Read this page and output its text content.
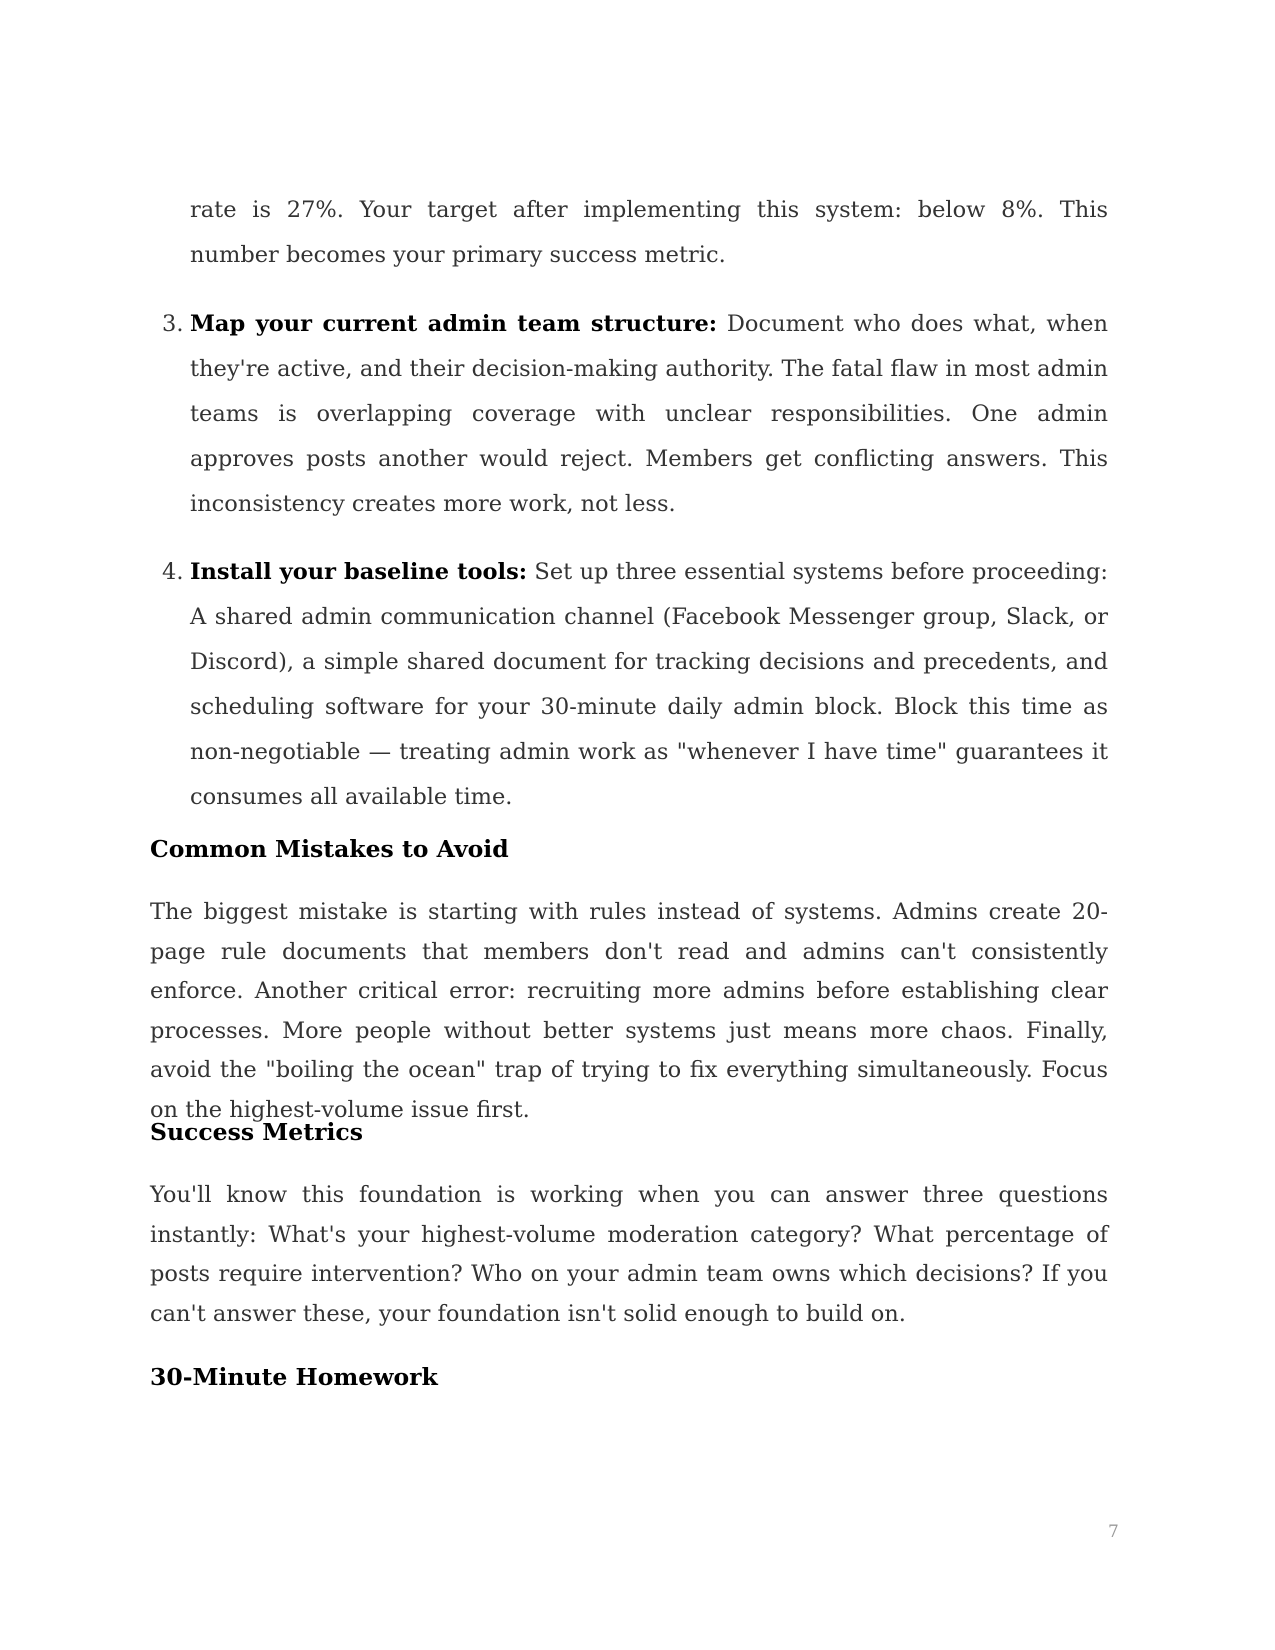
rate is 27%. Your target after implementing this system: below 8%. This number becomes your primary success metric.

3. Map your current admin team structure: Document who does what, when they're active, and their decision-making authority. The fatal flaw in most admin teams is overlapping coverage with unclear responsibilities. One admin approves posts another would reject. Members get conflicting answers. This inconsistency creates more work, not less.
4. Install your baseline tools: Set up three essential systems before proceeding: A shared admin communication channel (Facebook Messenger group, Slack, or Discord), a simple shared document for tracking decisions and precedents, and scheduling software for your 30-minute daily admin block. Block this time as non-negotiable — treating admin work as "whenever I have time" guarantees it consumes all available time.
Common Mistakes to Avoid

The biggest mistake is starting with rules instead of systems. Admins create 20-page rule documents that members don't read and admins can't consistently enforce. Another critical error: recruiting more admins before establishing clear processes. More people without better systems just means more chaos. Finally, avoid the "boiling the ocean" trap of trying to fix everything simultaneously. Focus on the highest-volume issue first.

Success Metrics

You'll know this foundation is working when you can answer three questions instantly: What's your highest-volume moderation category? What percentage of posts require intervention? Who on your admin team owns which decisions? If you can't answer these, your foundation isn't solid enough to build on.

30-Minute Homework
7
